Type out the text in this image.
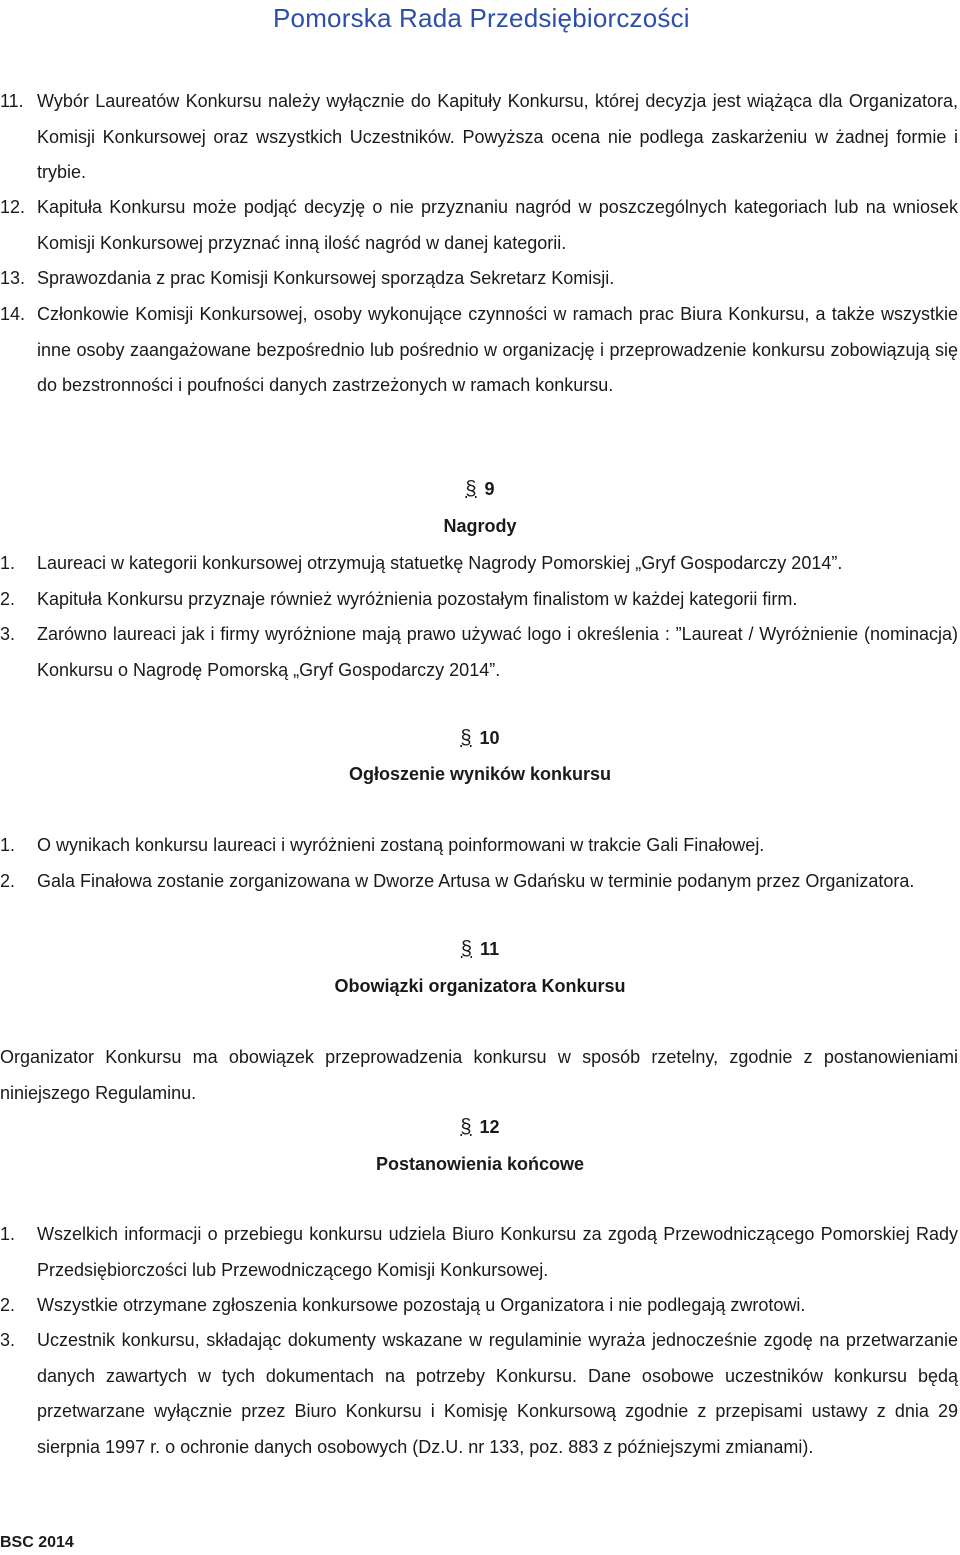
Pomorska Rada Przedsiębiorczości
11. Wybór Laureatów Konkursu należy wyłącznie do Kapituły Konkursu, której decyzja jest wiążąca dla Organizatora, Komisji Konkursowej oraz wszystkich Uczestników. Powyższa ocena nie podlega zaskarżeniu w żadnej formie i trybie.
12. Kapituła Konkursu może podjąć decyzję o nie przyznaniu nagród w poszczególnych kategoriach lub na wniosek Komisji Konkursowej przyznać inną ilość nagród w danej kategorii.
13. Sprawozdania z prac Komisji Konkursowej sporządza Sekretarz Komisji.
14. Członkowie Komisji Konkursowej, osoby wykonujące czynności w ramach prac Biura Konkursu, a także wszystkie inne osoby zaangażowane bezpośrednio lub pośrednio w organizację i przeprowadzenie konkursu zobowiązują się do bezstronności i poufności danych zastrzeżonych w ramach konkursu.
§ 9
Nagrody
1. Laureaci w kategorii konkursowej otrzymują statuetkę Nagrody Pomorskiej „Gryf Gospodarczy 2014”.
2. Kapituła Konkursu przyznaje również wyróżnienia pozostałym finalistom w każdej kategorii firm.
3. Zarówno laureaci jak i firmy wyróżnione mają prawo używać logo i określenia : ”Laureat / Wyróżnienie (nominacja) Konkursu o Nagrodę Pomorską „Gryf Gospodarczy 2014”.
§ 10
Ogłoszenie wyników konkursu
1. O wynikach konkursu laureaci i wyróżnieni zostaną poinformowani w trakcie Gali Finałowej.
2. Gala Finałowa zostanie zorganizowana w Dworze Artusa w Gdańsku w terminie podanym przez Organizatora.
§ 11
Obowiązki organizatora Konkursu
Organizator Konkursu ma obowiązek przeprowadzenia konkursu w sposób rzetelny, zgodnie z postanowieniami niniejszego Regulaminu.
§ 12
Postanowienia końcowe
1. Wszelkich informacji o przebiegu konkursu udziela Biuro Konkursu za zgodą Przewodniczącego Pomorskiej Rady Przedsiębiorczości lub Przewodniczącego Komisji Konkursowej.
2. Wszystkie otrzymane zgłoszenia konkursowe pozostają u Organizatora i nie podlegają zwrotowi.
3. Uczestnik konkursu, składając dokumenty wskazane w regulaminie wyraża jednocześnie zgodę na przetwarzanie danych zawartych w tych dokumentach na potrzeby Konkursu. Dane osobowe uczestników konkursu będą przetwarzane wyłącznie przez Biuro Konkursu i Komisję Konkursową zgodnie z przepisami ustawy z dnia 29 sierpnia 1997 r. o ochronie danych osobowych (Dz.U. nr 133, poz. 883 z późniejszymi zmianami).
BSC 2014
